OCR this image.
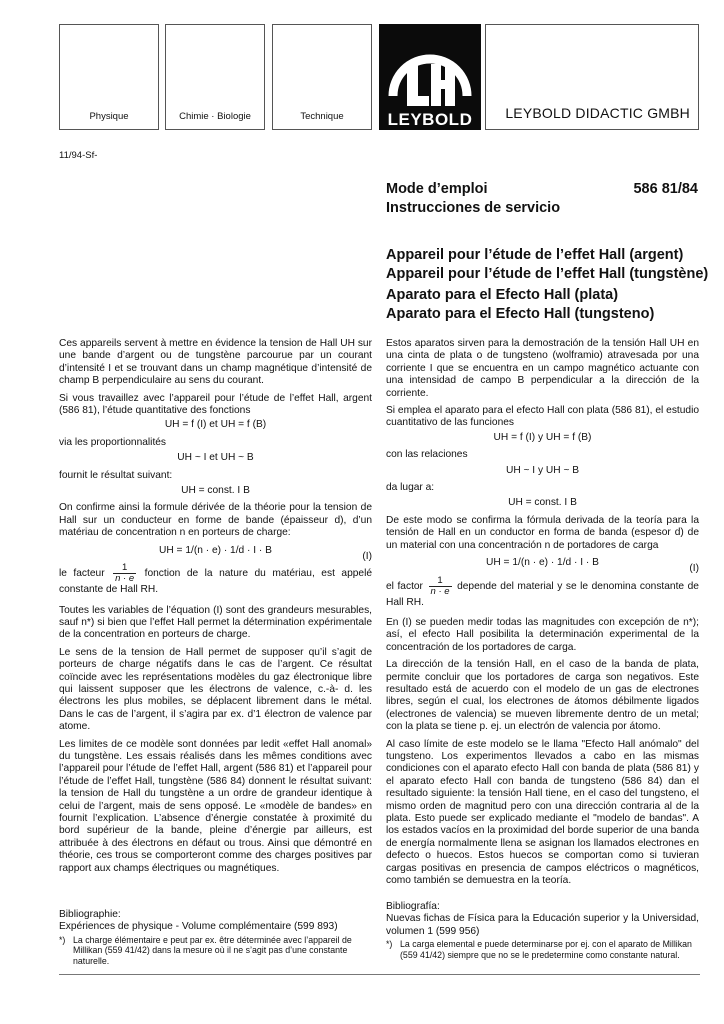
Physique	Chimie · Biologie	Technique	LEYBOLD LEYBOLD DIDACTIC GMBH
11/94-Sf-
Mode d’emploi
Instrucciones de servicio
586 81/84
Appareil pour l’étude de l’effet Hall (argent)
Appareil pour l’étude de l’effet Hall (tungstène)
Aparato para el Efecto Hall (plata)
Aparato para el Efecto Hall (tungsteno)

Ces appareils servent à mettre en évidence la tension de Hall UH sur une bande d’argent ou de tungstène parcourue par un courant d’intensité I et se trouvant dans un champ magnétique d’intensité de champ B perpendiculaire au sens du courant.

Si vous travaillez avec l’appareil pour l’étude de l’effet Hall, argent (586 81), l’étude quantitative des fonctions

UH = f (I) et UH = f (B)

via les proportionnalités

UH ~ I et UH ~ B

fournit le résultat suivant:

UH = const. I B

On confirme ainsi la formule dérivée de la théorie pour la tension de Hall sur un conducteur en forme de bande (épaisseur d), d’un matériau de concentration n en porteurs de charge:

UH = 1/(n · e) · 1/d · I · B
(I)

le facteur $\frac{1}{n \cdot e}$ fonction de la nature du matériau, est appelé constante de Hall RH.

Toutes les variables de l’équation (I) sont des grandeurs mesurables, sauf n*) si bien que l’effet Hall permet la détermination expérimentale de la concentration en porteurs de charge.

Le sens de la tension de Hall permet de supposer qu’il s’agit de porteurs de charge négatifs dans le cas de l’argent. Ce résultat coïncide avec les représentations modèles du gaz électronique libre qui laissent supposer que les électrons de valence, c.-à- d. les électrons les plus mobiles, se déplacent librement dans le métal. Dans le cas de l’argent, il s’agira par ex. d’1 électron de valence par atome.

Les limites de ce modèle sont données par ledit «effet Hall anomal» du tungstène. Les essais réalisés dans les mêmes conditions avec l’appareil pour l’étude de l’effet Hall, argent (586 81) et l’appareil pour l’étude de l’effet Hall, tungstène (586 84) donnent le résultat suivant: la tension de Hall du tungstène a un ordre de grandeur identique à celui de l’argent, mais de sens opposé. Le «modèle de bandes» en fournit l’explication. L’absence d’énergie constatée à proximité du bord supérieur de la bande, pleine d’énergie par ailleurs, est attribuée à des électrons en défaut ou trous. Ainsi que démontré en théorie, ces trous se comporteront comme des charges positives par rapport aux champs électriques ou magnétiques.

Bibliographie:
Expériences de physique - Volume complémentaire (599 893)
*) La charge élémentaire e peut par ex. être déterminée avec l’appareil de Millikan (559 41/42) dans la mesure où il ne s’agit pas d’une constante naturelle.

Estos aparatos sirven para la demostración de la tensión Hall UH en una cinta de plata o de tungsteno (wolframio) atravesada por una corriente I que se encuentra en un campo magnético actuante con una intensidad de campo B perpendicular a la dirección de la corriente.

Si emplea el aparato para el efecto Hall con plata (586 81), el estudio cuantitativo de las funciones

UH = f (I) y UH = f (B)

con las relaciones

UH ~ I y UH ~ B

da lugar a:

UH = const. I B

De este modo se confirma la fórmula derivada de la teoría para la tensión de Hall en un conductor en forma de banda (espesor d) de un material con una concentración n de portadores de carga

UH = 1/(n · e) · 1/d · I · B
(I)

el factor $\frac{1}{n \cdot e}$ depende del material y se le denomina constante de Hall RH.

En (I) se pueden medir todas las magnitudes con excepción de n*); así, el efecto Hall posibilita la determinación experimental de la concentración de los portadores de carga.

La dirección de la tensión Hall, en el caso de la banda de plata, permite concluir que los portadores de carga son negativos. Este resultado está de acuerdo con el modelo de un gas de electrones libres, según el cual, los electrones de átomos débilmente ligados (electrones de valencia) se mueven libremente dentro de un metal; con la plata se tiene p. ej. un electrón de valencia por átomo.

Al caso límite de este modelo se le llama "Efecto Hall anómalo" del tungsteno. Los experimentos llevados a cabo en las mismas condiciones con el aparato efecto Hall con banda de plata (586 81) y el aparato efecto Hall con banda de tungsteno (586 84) dan el resultado siguiente: la tensión Hall tiene, en el caso del tungsteno, el mismo orden de magnitud pero con una dirección contraria al de la plata. Esto puede ser explicado mediante el "modelo de bandas". A los estados vacíos en la proximidad del borde superior de una banda de energía normalmente llena se asignan los llamados electrones en defecto o huecos. Estos huecos se comportan como si tuvieran cargas positivas en presencia de campos eléctricos o magnéticos, como también se demuestra en la teoría.

Bibliografía:
Nuevas fichas de Física para la Educación superior y la Universidad, volumen 1 (599 956)
*) La carga elemental e puede determinarse por ej. con el aparato de Millikan (559 41/42) siempre que no se le predetermine como constante natural.
